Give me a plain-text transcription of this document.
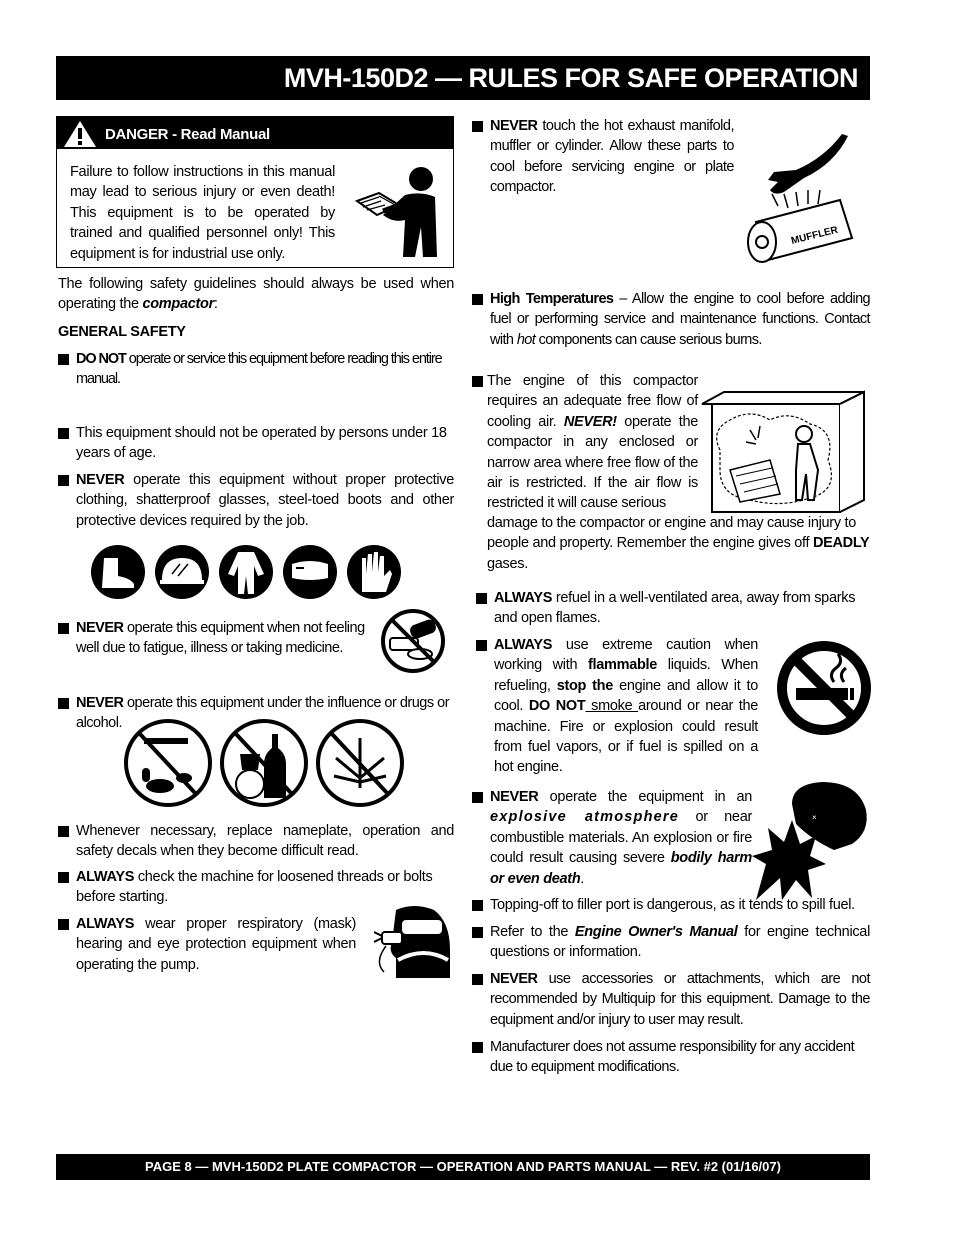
MVH-150D2 — RULES FOR SAFE OPERATION
DANGER - Read Manual
Failure to follow instructions in this manual may lead to serious injury or even death! This equipment is to be operated by trained and qualified personnel only! This equipment is for industrial use only.
The following safety guidelines should always be used when operating the compactor:
GENERAL SAFETY
DO NOT operate or service this equipment before reading this entire manual.
This equipment should not be operated by persons under 18 years of age.
NEVER operate this equipment without proper protective clothing, shatterproof glasses, steel-toed boots and other protective devices required by the job.
NEVER operate this equipment when not feeling well due to fatigue, illness or taking medicine.
NEVER operate this equipment under the influence or drugs or alcohol.
Whenever necessary, replace nameplate, operation and safety decals when they become difficult read.
ALWAYS check the machine for loosened threads or bolts before starting.
ALWAYS wear proper respiratory (mask) hearing and eye protection equipment when operating the pump.
NEVER touch the hot exhaust manifold, muffler or cylinder. Allow these parts to cool before servicing engine or plate compactor.
MUFFLER
High Temperatures – Allow the engine to cool before adding fuel or performing service and maintenance functions. Contact with hot components can cause serious burns.
The engine of this compactor requires an adequate free flow of cooling air. NEVER! operate the compactor in any enclosed or narrow area where free flow of the air is restricted. If the air flow is restricted it will cause serious
damage to the compactor or engine and may cause injury to people and property. Remember the engine gives off DEADLY gases.
ALWAYS refuel in a well-ventilated area, away from sparks and open flames.
ALWAYS use extreme caution when working with flammable liquids. When refueling, stop the engine and allow it to cool. DO NOT smoke around or near the machine. Fire or explosion could result from fuel vapors, or if fuel is spilled on a hot engine.
NEVER operate the equipment in an explosive atmosphere or near combustible materials. An explosion or fire could result causing severe bodily harm or even death.
×
Topping-off to filler port is dangerous, as it tends to spill fuel.
Refer to the Engine Owner's Manual for engine technical questions or information.
NEVER use accessories or attachments, which are not recommended by Multiquip for this equipment. Damage to the equipment and/or injury to user may result.
Manufacturer does not assume responsibility for any accident due to equipment modifications.
PAGE 8 — MVH-150D2 PLATE COMPACTOR — OPERATION AND PARTS MANUAL — REV. #2 (01/16/07)
